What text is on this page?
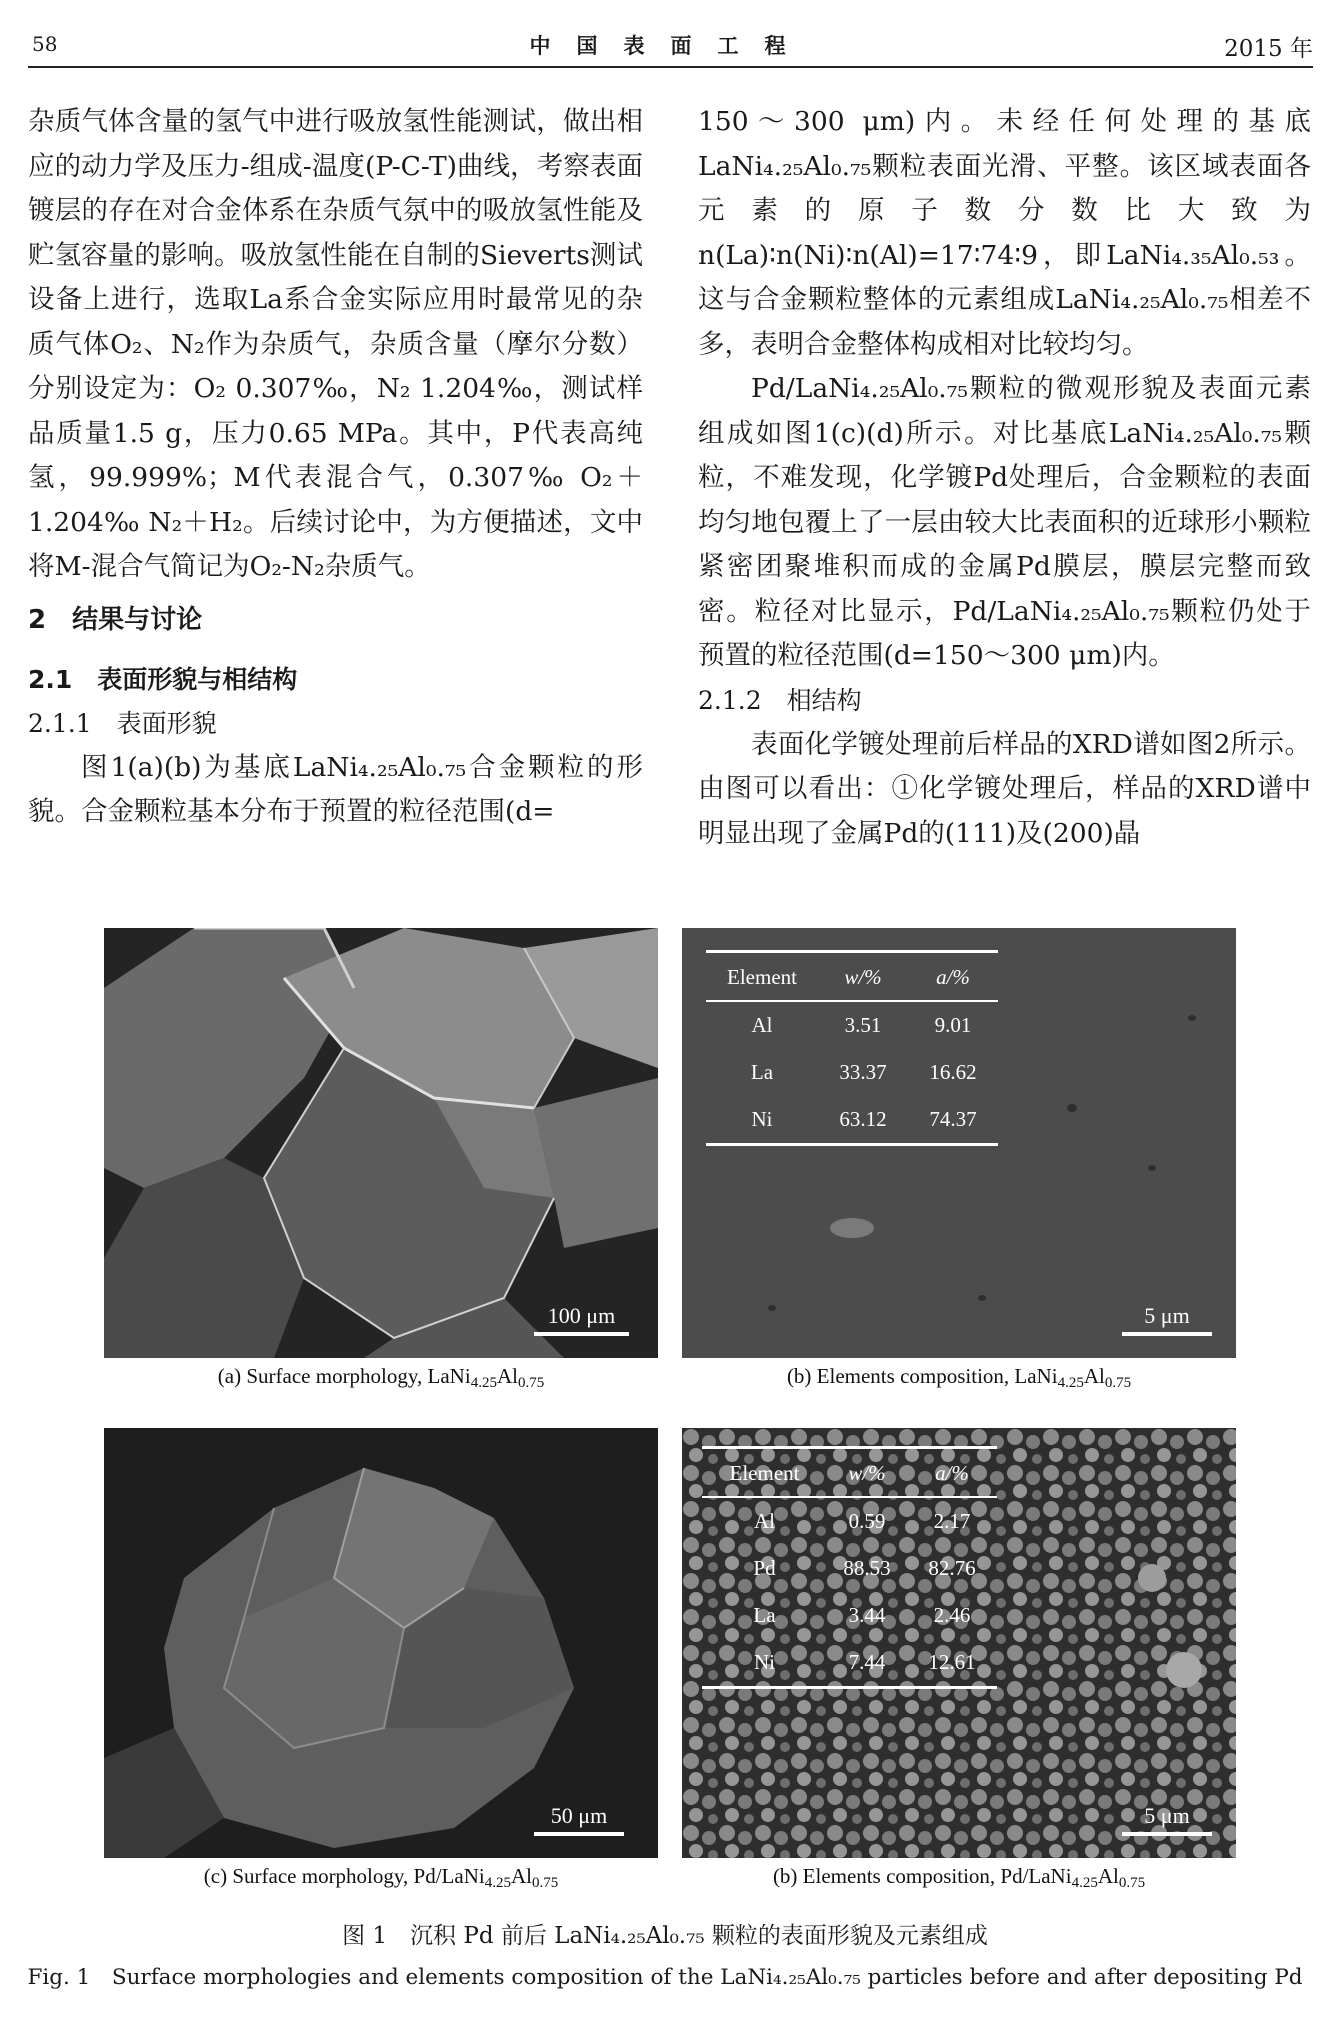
58	中国表面工程	2015 年

杂质气体含量的氢气中进行吸放氢性能测试，做出相应的动力学及压力-组成-温度(P-C-T)曲线，考察表面镀层的存在对合金体系在杂质气氛中的吸放氢性能及贮氢容量的影响。吸放氢性能在自制的Sieverts测试设备上进行，选取La系合金实际应用时最常见的杂质气体O₂、N₂作为杂质气，杂质含量（摩尔分数）分别设定为：O₂ 0.307‰，N₂ 1.204‰，测试样品质量1.5 g，压力0.65 MPa。其中，P代表高纯氢，99.999%；M代表混合气，0.307‰ O₂＋1.204‰ N₂＋H₂。后续讨论中，为方便描述，文中将M-混合气简记为O₂-N₂杂质气。

2　结果与讨论

2.1　表面形貌与相结构

2.1.1　表面形貌

图1(a)(b)为基底LaNi₄.₂₅Al₀.₇₅合金颗粒的形貌。合金颗粒基本分布于预置的粒径范围(d=

150～300 μm)内。未经任何处理的基底LaNi₄.₂₅Al₀.₇₅颗粒表面光滑、平整。该区域表面各元素的原子数分数比大致为n(La)∶n(Ni)∶n(Al)=17∶74∶9，即LaNi₄.₃₅Al₀.₅₃。这与合金颗粒整体的元素组成LaNi₄.₂₅Al₀.₇₅相差不多，表明合金整体构成相对比较均匀。

Pd/LaNi₄.₂₅Al₀.₇₅颗粒的微观形貌及表面元素组成如图1(c)(d)所示。对比基底LaNi₄.₂₅Al₀.₇₅颗粒，不难发现，化学镀Pd处理后，合金颗粒的表面均匀地包覆上了一层由较大比表面积的近球形小颗粒紧密团聚堆积而成的金属Pd膜层，膜层完整而致密。粒径对比显示，Pd/LaNi₄.₂₅Al₀.₇₅颗粒仍处于预置的粒径范围(d=150～300 μm)内。

2.1.2　相结构

表面化学镀处理前后样品的XRD谱如图2所示。由图可以看出：①化学镀处理后，样品的XRD谱中明显出现了金属Pd的(111)及(200)晶

100 μm
Element	w/%	a/%
Al	3.51	9.01
La	33.37	16.62
Ni	63.12	74.37
5 μm
(a) Surface morphology, $LaNi_{4.25}Al_{0.75}$	(b) Elements composition, $LaNi_{4.25}Al_{0.75}$
50 μm
Element	w/%	a/%
Al	0.59	2.17
Pd	88.53	82.76
La	3.44	2.46
Ni	7.44	12.61
5 μm
(c) Surface morphology, $Pd/LaNi_{4.25}Al_{0.75}$	(b) Elements composition, $Pd/LaNi_{4.25}Al_{0.75}$
图 1　沉积 Pd 前后 LaNi₄.₂₅Al₀.₇₅ 颗粒的表面形貌及元素组成
Fig. 1　Surface morphologies and elements composition of the LaNi₄.₂₅Al₀.₇₅ particles before and after depositing Pd
